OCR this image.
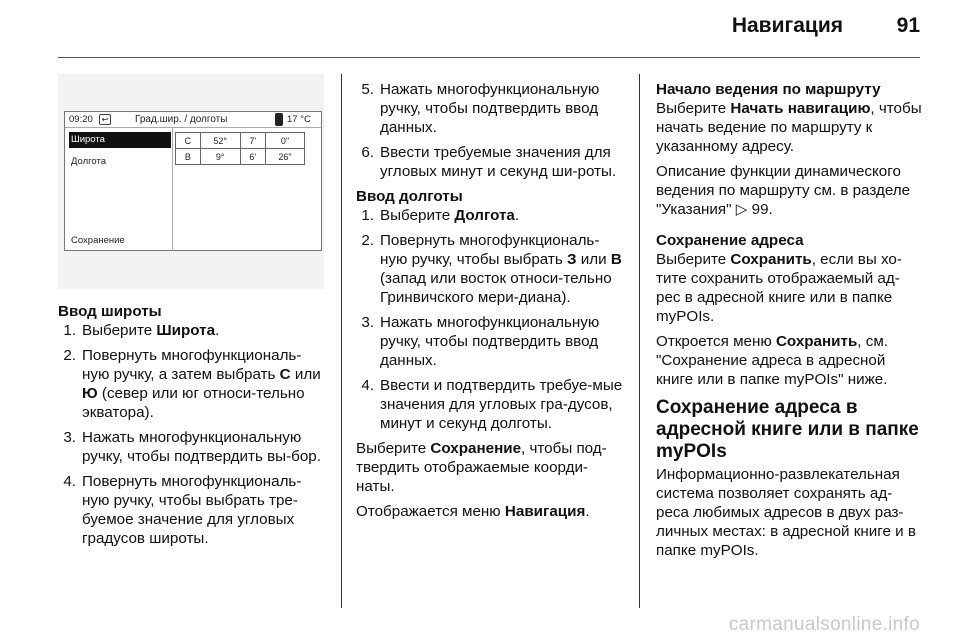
Навигация	91
09:20	↩	Град.шир. / долготы	17 °C
Широта
Долгота
Сохранение
С	52°	7'	0"
В	9°	6'	26"
Ввод широты
1. Выберите Широта.
2. Повернуть многофункциональ-ную ручку, а затем выбрать С или Ю (север или юг относи-тельно экватора).
3. Нажать многофункциональную ручку, чтобы подтвердить вы-бор.
4. Повернуть многофункциональ-ную ручку, чтобы выбрать тре-буемое значение для угловых градусов широты.
5. Нажать многофункциональную ручку, чтобы подтвердить ввод данных.
6. Ввести требуемые значения для угловых минут и секунд ши-роты.
Ввод долготы
1. Выберите Долгота.
2. Повернуть многофункциональ-ную ручку, чтобы выбрать З или В (запад или восток относи-тельно Гринвичского мери-диана).
3. Нажать многофункциональную ручку, чтобы подтвердить ввод данных.
4. Ввести и подтвердить требуе-мые значения для угловых гра-дусов, минут и секунд долготы.

Выберите Сохранение, чтобы под-твердить отображаемые коорди-наты.

Отображается меню Навигация.

Начало ведения по маршруту

Выберите Начать навигацию, чтобы начать ведение по маршруту к указанному адресу.

Описание функции динамического ведения по маршруту см. в разделе "Указания" ▷ 99.

Сохранение адреса

Выберите Сохранить, если вы хо-тите сохранить отображаемый ад-рес в адресной книге или в папке myPOIs.

Откроется меню Сохранить, см. "Сохранение адреса в адресной книге или в папке myPOIs" ниже.

Сохранение адреса в адресной книге или в папке myPOIs

Информационно-развлекательная система позволяет сохранять ад-реса любимых адресов в двух раз-личных местах: в адресной книге и в папке myPOIs.

carmanualsonline.info
